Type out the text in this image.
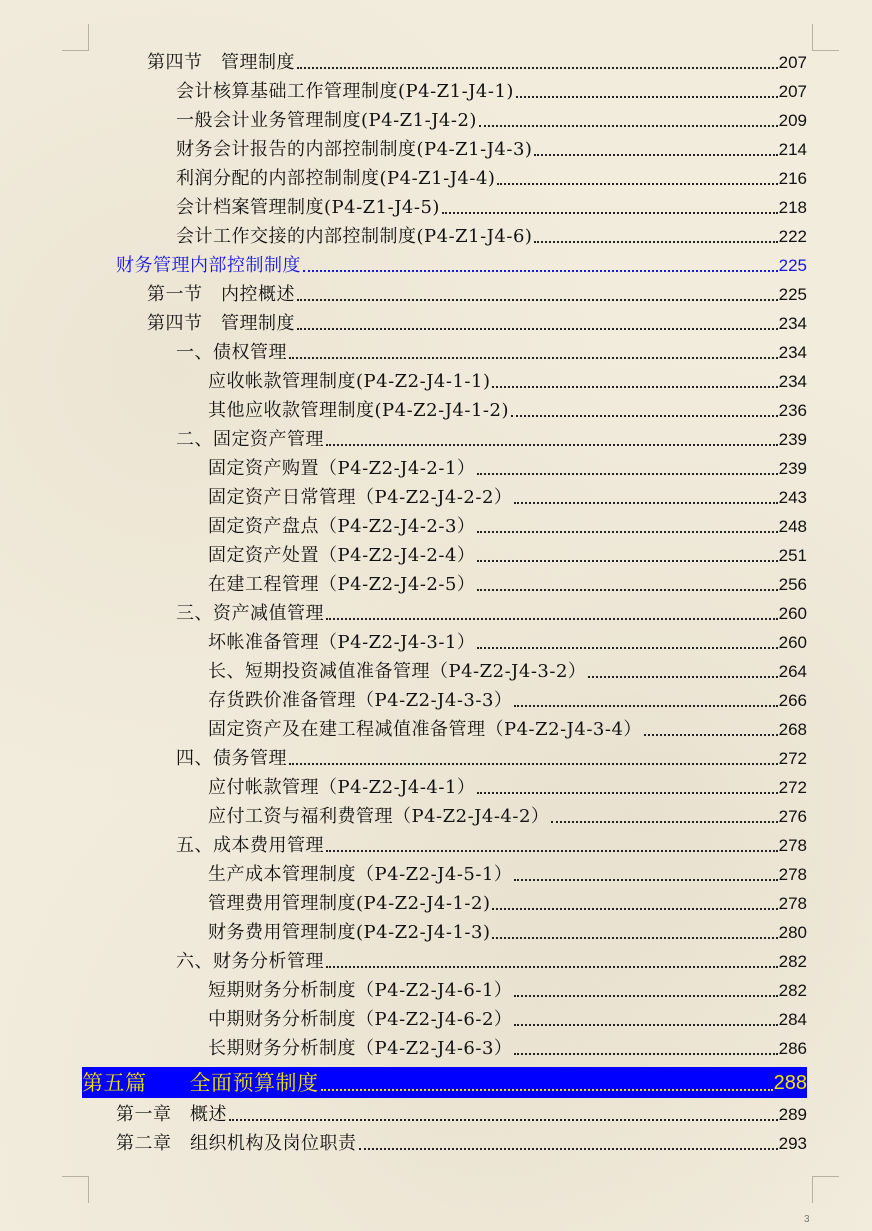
第四节　管理制度	207
会计核算基础工作管理制度(P4-Z1-J4-1)	207
一般会计业务管理制度(P4-Z1-J4-2)	209
财务会计报告的内部控制制度(P4-Z1-J4-3)	214
利润分配的内部控制制度(P4-Z1-J4-4)	216
会计档案管理制度(P4-Z1-J4-5)	218
会计工作交接的内部控制制度(P4-Z1-J4-6)	222
财务管理内部控制制度	225
第一节　内控概述	225
第四节　管理制度	234
一、债权管理	234
应收帐款管理制度(P4-Z2-J4-1-1)	234
其他应收款管理制度(P4-Z2-J4-1-2)	236
二、固定资产管理	239
固定资产购置（P4-Z2-J4-2-1）	239
固定资产日常管理（P4-Z2-J4-2-2）	243
固定资产盘点（P4-Z2-J4-2-3）	248
固定资产处置（P4-Z2-J4-2-4）	251
在建工程管理（P4-Z2-J4-2-5）	256
三、资产减值管理	260
坏帐准备管理（P4-Z2-J4-3-1）	260
长、短期投资减值准备管理（P4-Z2-J4-3-2）	264
存货跌价准备管理（P4-Z2-J4-3-3）	266
固定资产及在建工程减值准备管理（P4-Z2-J4-3-4）	268
四、债务管理	272
应付帐款管理（P4-Z2-J4-4-1）	272
应付工资与福利费管理（P4-Z2-J4-4-2）	276
五、成本费用管理	278
生产成本管理制度（P4-Z2-J4-5-1）	278
管理费用管理制度(P4-Z2-J4-1-2)	278
财务费用管理制度(P4-Z2-J4-1-3)	280
六、财务分析管理	282
短期财务分析制度（P4-Z2-J4-6-1）	282
中期财务分析制度（P4-Z2-J4-6-2）	284
长期财务分析制度（P4-Z2-J4-6-3）	286
第五篇　　全面预算制度	288
第一章　概述	289
第二章　组织机构及岗位职责	293
3
